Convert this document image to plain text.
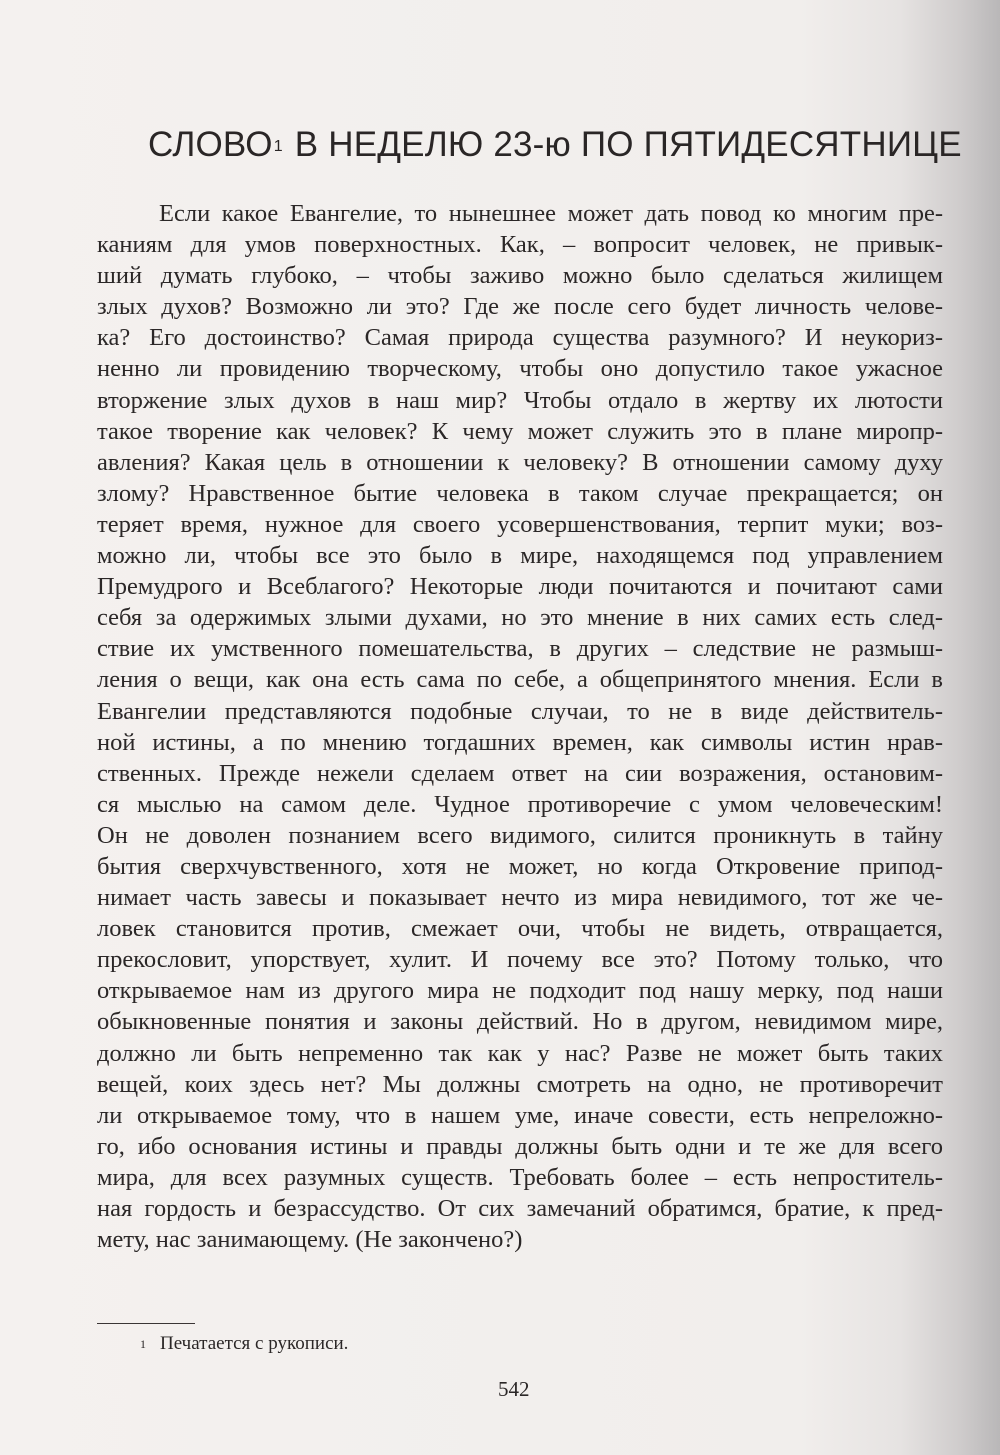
СЛОВО$^1$ В НЕДЕЛЮ 23-ю ПО ПЯТИДЕСЯТНИЦЕ
Если какое Евангелие, то нынешнее может дать повод ко многим пре-
каниям для умов поверхностных. Как, – вопросит человек, не привык-
ший думать глубоко, – чтобы заживо можно было сделаться жилищем
злых духов? Возможно ли это? Где же после сего будет личность челове-
ка? Его достоинство? Самая природа существа разумного? И неукориз-
ненно ли провидению творческому, чтобы оно допустило такое ужасное
вторжение злых духов в наш мир? Чтобы отдало в жертву их лютости
такое творение как человек? К чему может служить это в плане миропр-
авления? Какая цель в отношении к человеку? В отношении самому духу
злому? Нравственное бытие человека в таком случае прекращается; он
теряет время, нужное для своего усовершенствования, терпит муки; воз-
можно ли, чтобы все это было в мире, находящемся под управлением
Премудрого и Всеблагого? Некоторые люди почитаются и почитают сами
себя за одержимых злыми духами, но это мнение в них самих есть след-
ствие их умственного помешательства, в других – следствие не размыш-
ления о вещи, как она есть сама по себе, а общепринятого мнения. Если в
Евангелии представляются подобные случаи, то не в виде действитель-
ной истины, а по мнению тогдашних времен, как символы истин нрав-
ственных. Прежде нежели сделаем ответ на сии возражения, остановим-
ся мыслью на самом деле. Чудное противоречие с умом человеческим!
Он не доволен познанием всего видимого, силится проникнуть в тайну
бытия сверхчувственного, хотя не может, но когда Откровение припод-
нимает часть завесы и показывает нечто из мира невидимого, тот же че-
ловек становится против, смежает очи, чтобы не видеть, отвращается,
прекословит, упорствует, хулит. И почему все это? Потому только, что
открываемое нам из другого мира не подходит под нашу мерку, под наши
обыкновенные понятия и законы действий. Но в другом, невидимом мире,
должно ли быть непременно так как у нас? Разве не может быть таких
вещей, коих здесь нет? Мы должны смотреть на одно, не противоречит
ли открываемое тому, что в нашем уме, иначе совести, есть непреложно-
го, ибо основания истины и правды должны быть одни и те же для всего
мира, для всех разумных существ. Требовать более – есть непроститель-
ная гордость и безрассудство. От сих замечаний обратимся, братие, к пред-
мету, нас занимающему. (Не закончено?)
$^1$ Печатается с рукописи.
542
